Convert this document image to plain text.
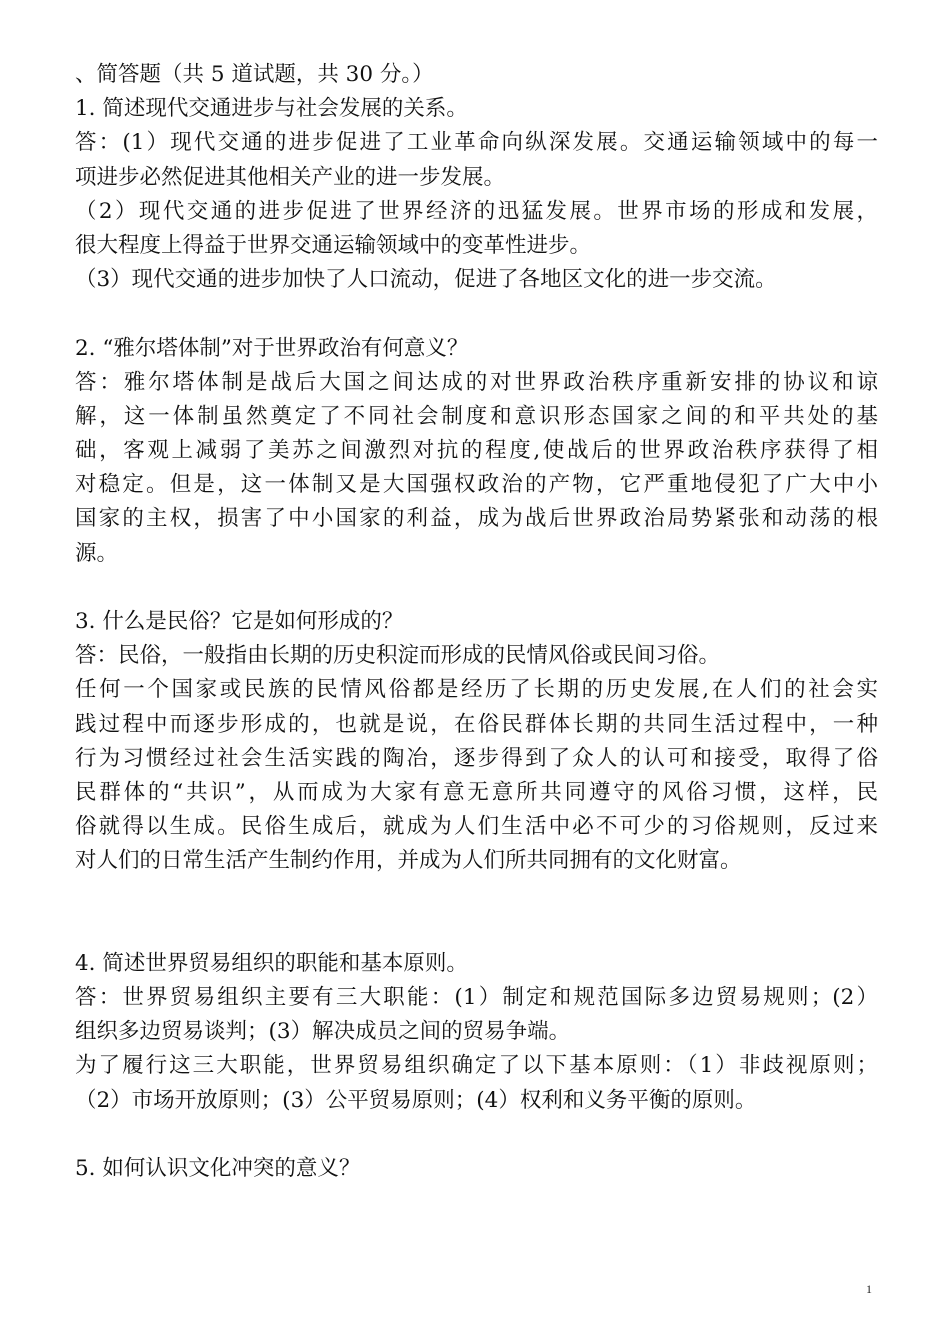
、简答题（共 5 道试题，共 30 分。）
1. 简述现代交通进步与社会发展的关系。
答：(1）现代交通的进步促进了工业革命向纵深发展。交通运输领域中的每一
项进步必然促进其他相关产业的进一步发展。
（2）现代交通的进步促进了世界经济的迅猛发展。世界市场的形成和发展，
很大程度上得益于世界交通运输领域中的变革性进步。
（3）现代交通的进步加快了人口流动，促进了各地区文化的进一步交流。
2. “雅尔塔体制”对于世界政治有何意义？
答：雅尔塔体制是战后大国之间达成的对世界政治秩序重新安排的协议和谅
解，这一体制虽然奠定了不同社会制度和意识形态国家之间的和平共处的基
础，客观上减弱了美苏之间激烈对抗的程度,使战后的世界政治秩序获得了相
对稳定。但是，这一体制又是大国强权政治的产物，它严重地侵犯了广大中小
国家的主权，损害了中小国家的利益，成为战后世界政治局势紧张和动荡的根
源。
3. 什么是民俗？它是如何形成的？
答：民俗，一般指由长期的历史积淀而形成的民情风俗或民间习俗。
任何一个国家或民族的民情风俗都是经历了长期的历史发展,在人们的社会实
践过程中而逐步形成的，也就是说，在俗民群体长期的共同生活过程中，一种
行为习惯经过社会生活实践的陶冶，逐步得到了众人的认可和接受，取得了俗
民群体的“共识”，从而成为大家有意无意所共同遵守的风俗习惯，这样，民
俗就得以生成。民俗生成后，就成为人们生活中必不可少的习俗规则，反过来
对人们的日常生活产生制约作用，并成为人们所共同拥有的文化财富。
4. 简述世界贸易组织的职能和基本原则。
答：世界贸易组织主要有三大职能：(1）制定和规范国际多边贸易规则；(2）
组织多边贸易谈判；(3）解决成员之间的贸易争端。
为了履行这三大职能，世界贸易组织确定了以下基本原则：（1）非歧视原则；
（2）市场开放原则；(3）公平贸易原则；(4）权利和义务平衡的原则。
5. 如何认识文化冲突的意义？
1
